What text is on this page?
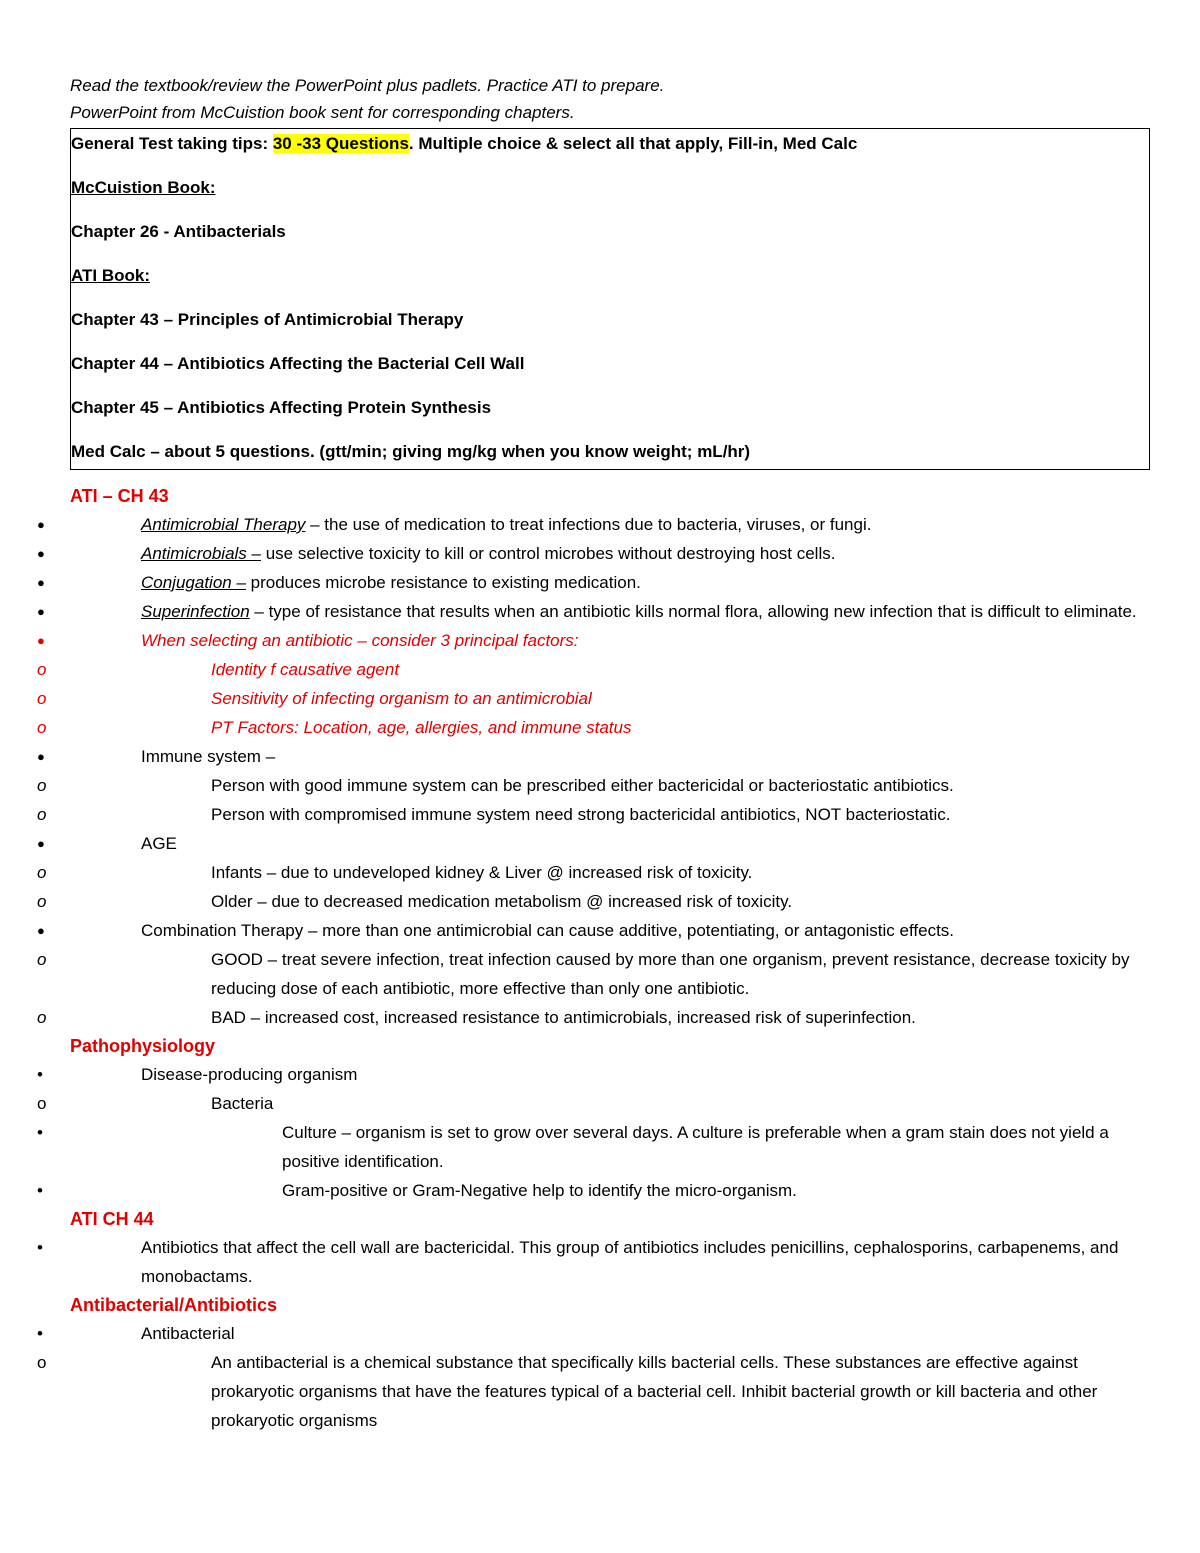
Read the textbook/review the PowerPoint plus padlets. Practice ATI to prepare.

PowerPoint from McCuistion book sent for corresponding chapters.

General Test taking tips: 30 -33 Questions. Multiple choice & select all that apply, Fill-in, Med Calc

McCuistion Book:

Chapter 26 - Antibacterials

ATI Book:

Chapter 43 – Principles of Antimicrobial Therapy

Chapter 44 – Antibiotics Affecting the Bacterial Cell Wall

Chapter 45 – Antibiotics Affecting Protein Synthesis

Med Calc – about 5 questions. (gtt/min; giving mg/kg when you know weight; mL/hr)

ATI – CH 43
●	Antimicrobial Therapy – the use of medication to treat infections due to bacteria, viruses, or fungi.
●	Antimicrobials – use selective toxicity to kill or control microbes without destroying host cells.
●	Conjugation – produces microbe resistance to existing medication.
●	Superinfection – type of resistance that results when an antibiotic kills normal flora, allowing new infection that is difficult to eliminate.
●	When selecting an antibiotic – consider 3 principal factors:
o	Identity f causative agent
o	Sensitivity of infecting organism to an antimicrobial
o	PT Factors: Location, age, allergies, and immune status
●	Immune system –
o	Person with good immune system can be prescribed either bactericidal or bacteriostatic antibiotics.
o	Person with compromised immune system need strong bactericidal antibiotics, NOT bacteriostatic.
●	AGE
o	Infants – due to undeveloped kidney & Liver @ increased risk of toxicity.
o	Older – due to decreased medication metabolism @ increased risk of toxicity.
●	Combination Therapy – more than one antimicrobial can cause additive, potentiating, or antagonistic effects.
o	GOOD – treat severe infection, treat infection caused by more than one organism, prevent resistance, decrease toxicity by reducing dose of each antibiotic, more effective than only one antibiotic.
o	BAD – increased cost, increased resistance to antimicrobials, increased risk of superinfection.
Pathophysiology
•	Disease-producing organism
o	Bacteria
•	Culture – organism is set to grow over several days. A culture is preferable when a gram stain does not yield a positive identification.
•	Gram-positive or Gram-Negative help to identify the micro-organism.
ATI CH 44
•	Antibiotics that affect the cell wall are bactericidal. This group of antibiotics includes penicillins, cephalosporins, carbapenems, and monobactams.
Antibacterial/Antibiotics
•	Antibacterial
o	An antibacterial is a chemical substance that specifically kills bacterial cells. These substances are effective against prokaryotic organisms that have the features typical of a bacterial cell. Inhibit bacterial growth or kill bacteria and other prokaryotic organisms
